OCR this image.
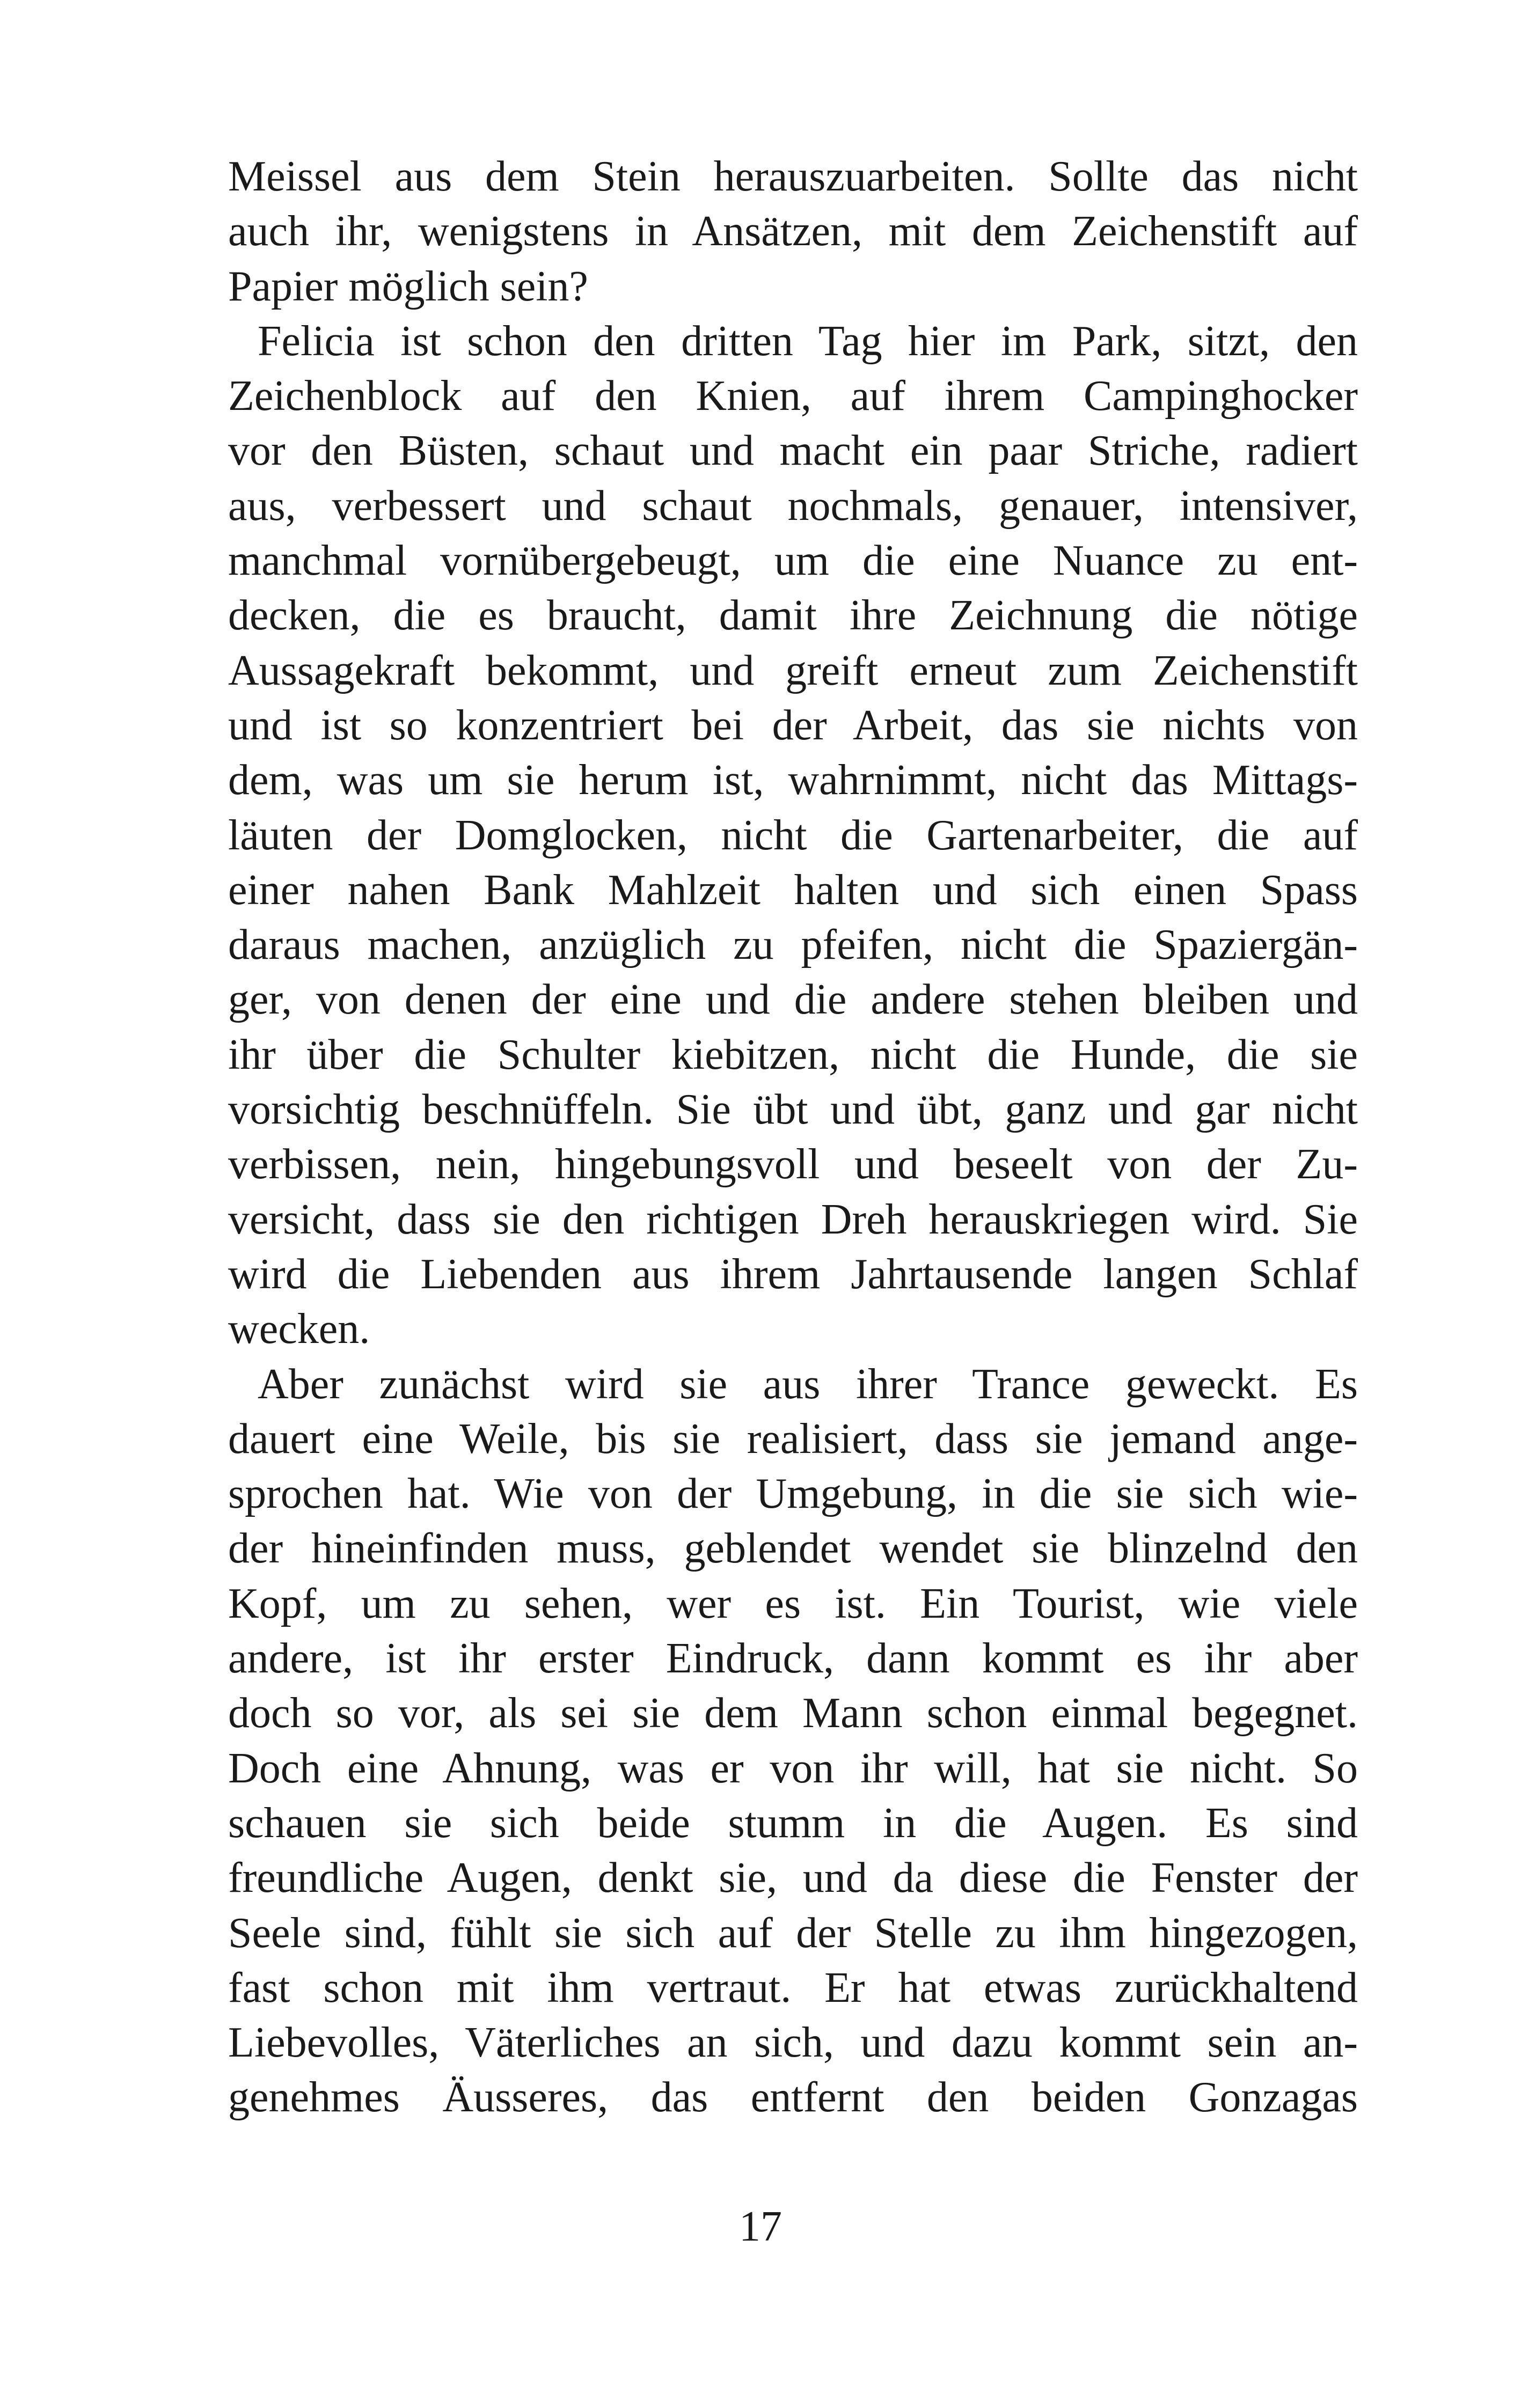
Meissel aus dem Stein herauszuarbeiten. Sollte das nicht
auch ihr, wenigstens in Ansätzen, mit dem Zeichenstift auf
Papier möglich sein?
Felicia ist schon den dritten Tag hier im Park, sitzt, den
Zeichenblock auf den Knien, auf ihrem Campinghocker
vor den Büsten, schaut und macht ein paar Striche, radiert
aus, verbessert und schaut nochmals, genauer, intensiver,
manchmal vornübergebeugt, um die eine Nuance zu ent-
decken, die es braucht, damit ihre Zeichnung die nötige
Aussagekraft bekommt, und greift erneut zum Zeichenstift
und ist so konzentriert bei der Arbeit, das sie nichts von
dem, was um sie herum ist, wahrnimmt, nicht das Mittags-
läuten der Domglocken, nicht die Gartenarbeiter, die auf
einer nahen Bank Mahlzeit halten und sich einen Spass
daraus machen, anzüglich zu pfeifen, nicht die Spaziergän-
ger, von denen der eine und die andere stehen bleiben und
ihr über die Schulter kiebitzen, nicht die Hunde, die sie
vorsichtig beschnüffeln. Sie übt und übt, ganz und gar nicht
verbissen, nein, hingebungsvoll und beseelt von der Zu-
versicht, dass sie den richtigen Dreh herauskriegen wird. Sie
wird die Liebenden aus ihrem Jahrtausende langen Schlaf
wecken.
Aber zunächst wird sie aus ihrer Trance geweckt. Es
dauert eine Weile, bis sie realisiert, dass sie jemand ange-
sprochen hat. Wie von der Umgebung, in die sie sich wie-
der hineinfinden muss, geblendet wendet sie blinzelnd den
Kopf, um zu sehen, wer es ist. Ein Tourist, wie viele
andere, ist ihr erster Eindruck, dann kommt es ihr aber
doch so vor, als sei sie dem Mann schon einmal begegnet.
Doch eine Ahnung, was er von ihr will, hat sie nicht. So
schauen sie sich beide stumm in die Augen. Es sind
freundliche Augen, denkt sie, und da diese die Fenster der
Seele sind, fühlt sie sich auf der Stelle zu ihm hingezogen,
fast schon mit ihm vertraut. Er hat etwas zurückhaltend
Liebevolles, Väterliches an sich, und dazu kommt sein an-
genehmes Äusseres, das entfernt den beiden Gonzagas
17
